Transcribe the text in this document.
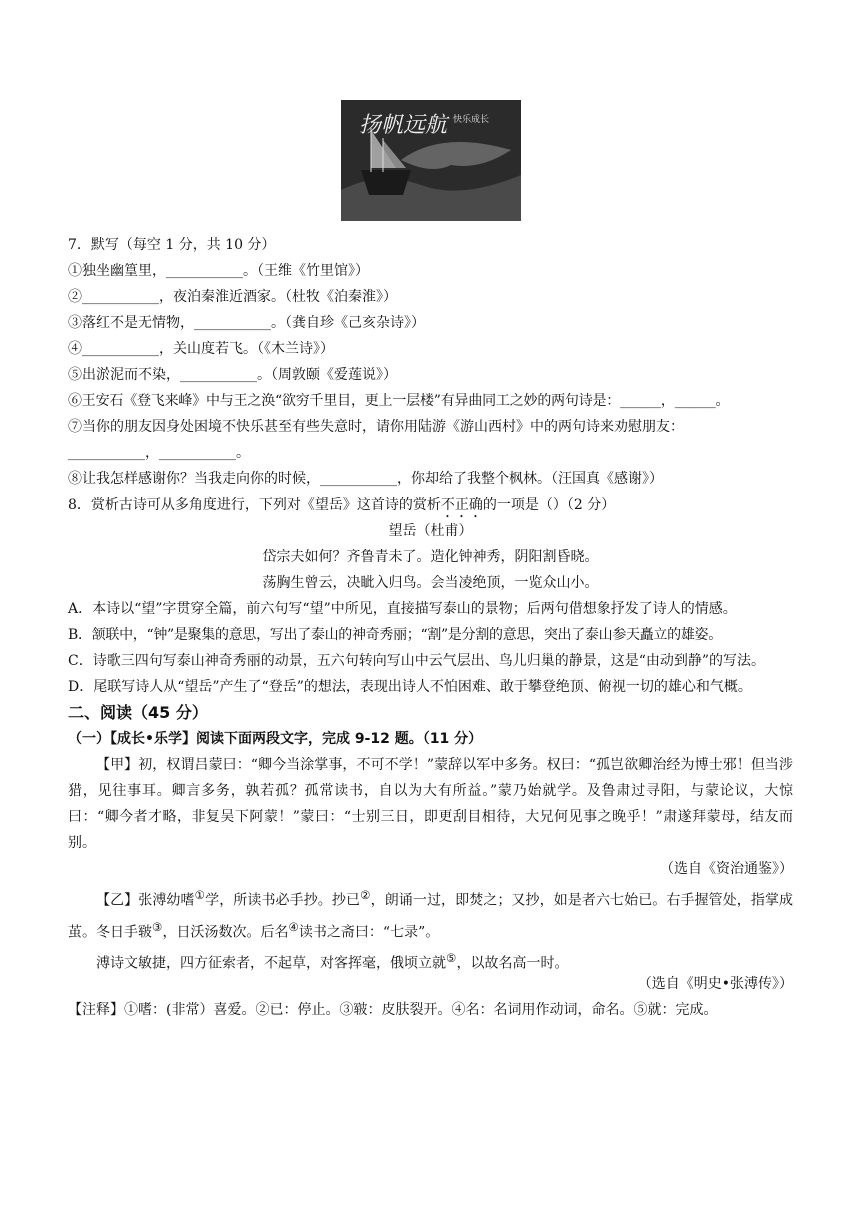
扬帆远航 快乐成长
7．默写（每空 1 分，共 10 分）
①独坐幽篁里，___________。（王维《竹里馆》）
②___________，夜泊秦淮近酒家。（杜牧《泊秦淮》）
③落红不是无情物，___________。（龚自珍《己亥杂诗》）
④___________，关山度若飞。（《木兰诗》）
⑤出淤泥而不染，___________。（周敦颐《爱莲说》）
⑥王安石《登飞来峰》中与王之涣“欲穷千里目，更上一层楼”有异曲同工之妙的两句诗是：______，______。
⑦当你的朋友因身处困境不快乐甚至有些失意时，请你用陆游《游山西村》中的两句诗来劝慰朋友：
___________，___________。
⑧让我怎样感谢你？当我走向你的时候，___________，你却给了我整个枫林。（汪国真《感谢》）
8．赏析古诗可从多角度进行，下列对《望岳》这首诗的赏析不正确的一项是（）（2 分）
望岳（杜甫）
岱宗夫如何？齐鲁青未了。造化钟神秀，阴阳割昏晓。
荡胸生曾云，决眦入归鸟。会当凌绝顶，一览众山小。
A．本诗以“望”字贯穿全篇，前六句写“望”中所见，直接描写泰山的景物；后两句借想象抒发了诗人的情感。
B．颔联中，“钟”是聚集的意思，写出了泰山的神奇秀丽；“割”是分割的意思，突出了泰山参天矗立的雄姿。
C．诗歌三四句写泰山神奇秀丽的动景，五六句转向写山中云气层出、鸟儿归巢的静景，这是“由动到静”的写法。
D．尾联写诗人从“望岳”产生了“登岳”的想法，表现出诗人不怕困难、敢于攀登绝顶、俯视一切的雄心和气概。
二、阅读（45 分）
（一）【成长•乐学】阅读下面两段文字，完成 9-12 题。（11 分）
【甲】初，权谓吕蒙曰：“卿今当涂掌事，不可不学！”蒙辞以军中多务。权曰：“孤岂欲卿治经为博士邪！但当涉猎，见往事耳。卿言多务，孰若孤？孤常读书，自以为大有所益。”蒙乃始就学。及鲁肃过寻阳，与蒙论议，大惊曰：“卿今者才略，非复吴下阿蒙！”蒙曰：“士别三日，即更刮目相待，大兄何见事之晚乎！”肃遂拜蒙母，结友而别。
（选自《资治通鉴》）
【乙】张溥幼嗜①学，所读书必手抄。抄已②，朗诵一过，即焚之；又抄，如是者六七始已。右手握管处，指掌成茧。冬日手皲③，日沃汤数次。后名④读书之斋曰：“七录”。
溥诗文敏捷，四方征索者，不起草，对客挥毫，俄顷立就⑤，以故名高一时。
（选自《明史•张溥传》）
【注释】①嗜：(非常）喜爱。②已：停止。③皲：皮肤裂开。④名：名词用作动词，命名。⑤就：完成。
